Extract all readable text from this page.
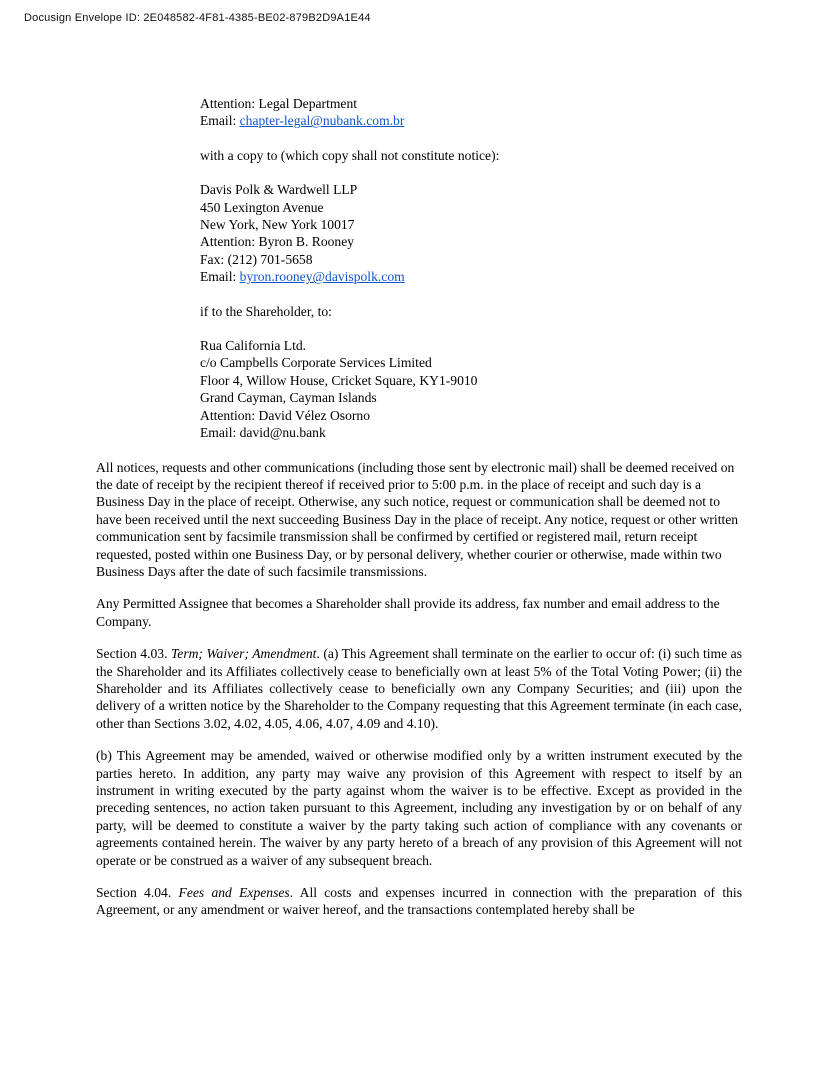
Docusign Envelope ID: 2E048582-4F81-4385-BE02-879B2D9A1E44
Attention: Legal Department
Email: chapter-legal@nubank.com.br
with a copy to (which copy shall not constitute notice):
Davis Polk & Wardwell LLP
450 Lexington Avenue
New York, New York 10017
Attention: Byron B. Rooney
Fax: (212) 701-5658
Email: byron.rooney@davispolk.com
if to the Shareholder, to:
Rua California Ltd.
c/o Campbells Corporate Services Limited
Floor 4, Willow House, Cricket Square, KY1-9010
Grand Cayman, Cayman Islands
Attention: David Vélez Osorno
Email: david@nu.bank

All notices, requests and other communications (including those sent by electronic mail) shall be deemed received on the date of receipt by the recipient thereof if received prior to 5:00 p.m. in the place of receipt and such day is a Business Day in the place of receipt. Otherwise, any such notice, request or communication shall be deemed not to have been received until the next succeeding Business Day in the place of receipt. Any notice, request or other written communication sent by facsimile transmission shall be confirmed by certified or registered mail, return receipt requested, posted within one Business Day, or by personal delivery, whether courier or otherwise, made within two Business Days after the date of such facsimile transmissions.

Any Permitted Assignee that becomes a Shareholder shall provide its address, fax number and email address to the Company.

Section 4.03. Term; Waiver; Amendment. (a) This Agreement shall terminate on the earlier to occur of: (i) such time as the Shareholder and its Affiliates collectively cease to beneficially own at least 5% of the Total Voting Power; (ii) the Shareholder and its Affiliates collectively cease to beneficially own any Company Securities; and (iii) upon the delivery of a written notice by the Shareholder to the Company requesting that this Agreement terminate (in each case, other than Sections 3.02, 4.02, 4.05, 4.06, 4.07, 4.09 and 4.10).

(b) This Agreement may be amended, waived or otherwise modified only by a written instrument executed by the parties hereto. In addition, any party may waive any provision of this Agreement with respect to itself by an instrument in writing executed by the party against whom the waiver is to be effective. Except as provided in the preceding sentences, no action taken pursuant to this Agreement, including any investigation by or on behalf of any party, will be deemed to constitute a waiver by the party taking such action of compliance with any covenants or agreements contained herein. The waiver by any party hereto of a breach of any provision of this Agreement will not operate or be construed as a waiver of any subsequent breach.

Section 4.04. Fees and Expenses. All costs and expenses incurred in connection with the preparation of this Agreement, or any amendment or waiver hereof, and the transactions contemplated hereby shall be
